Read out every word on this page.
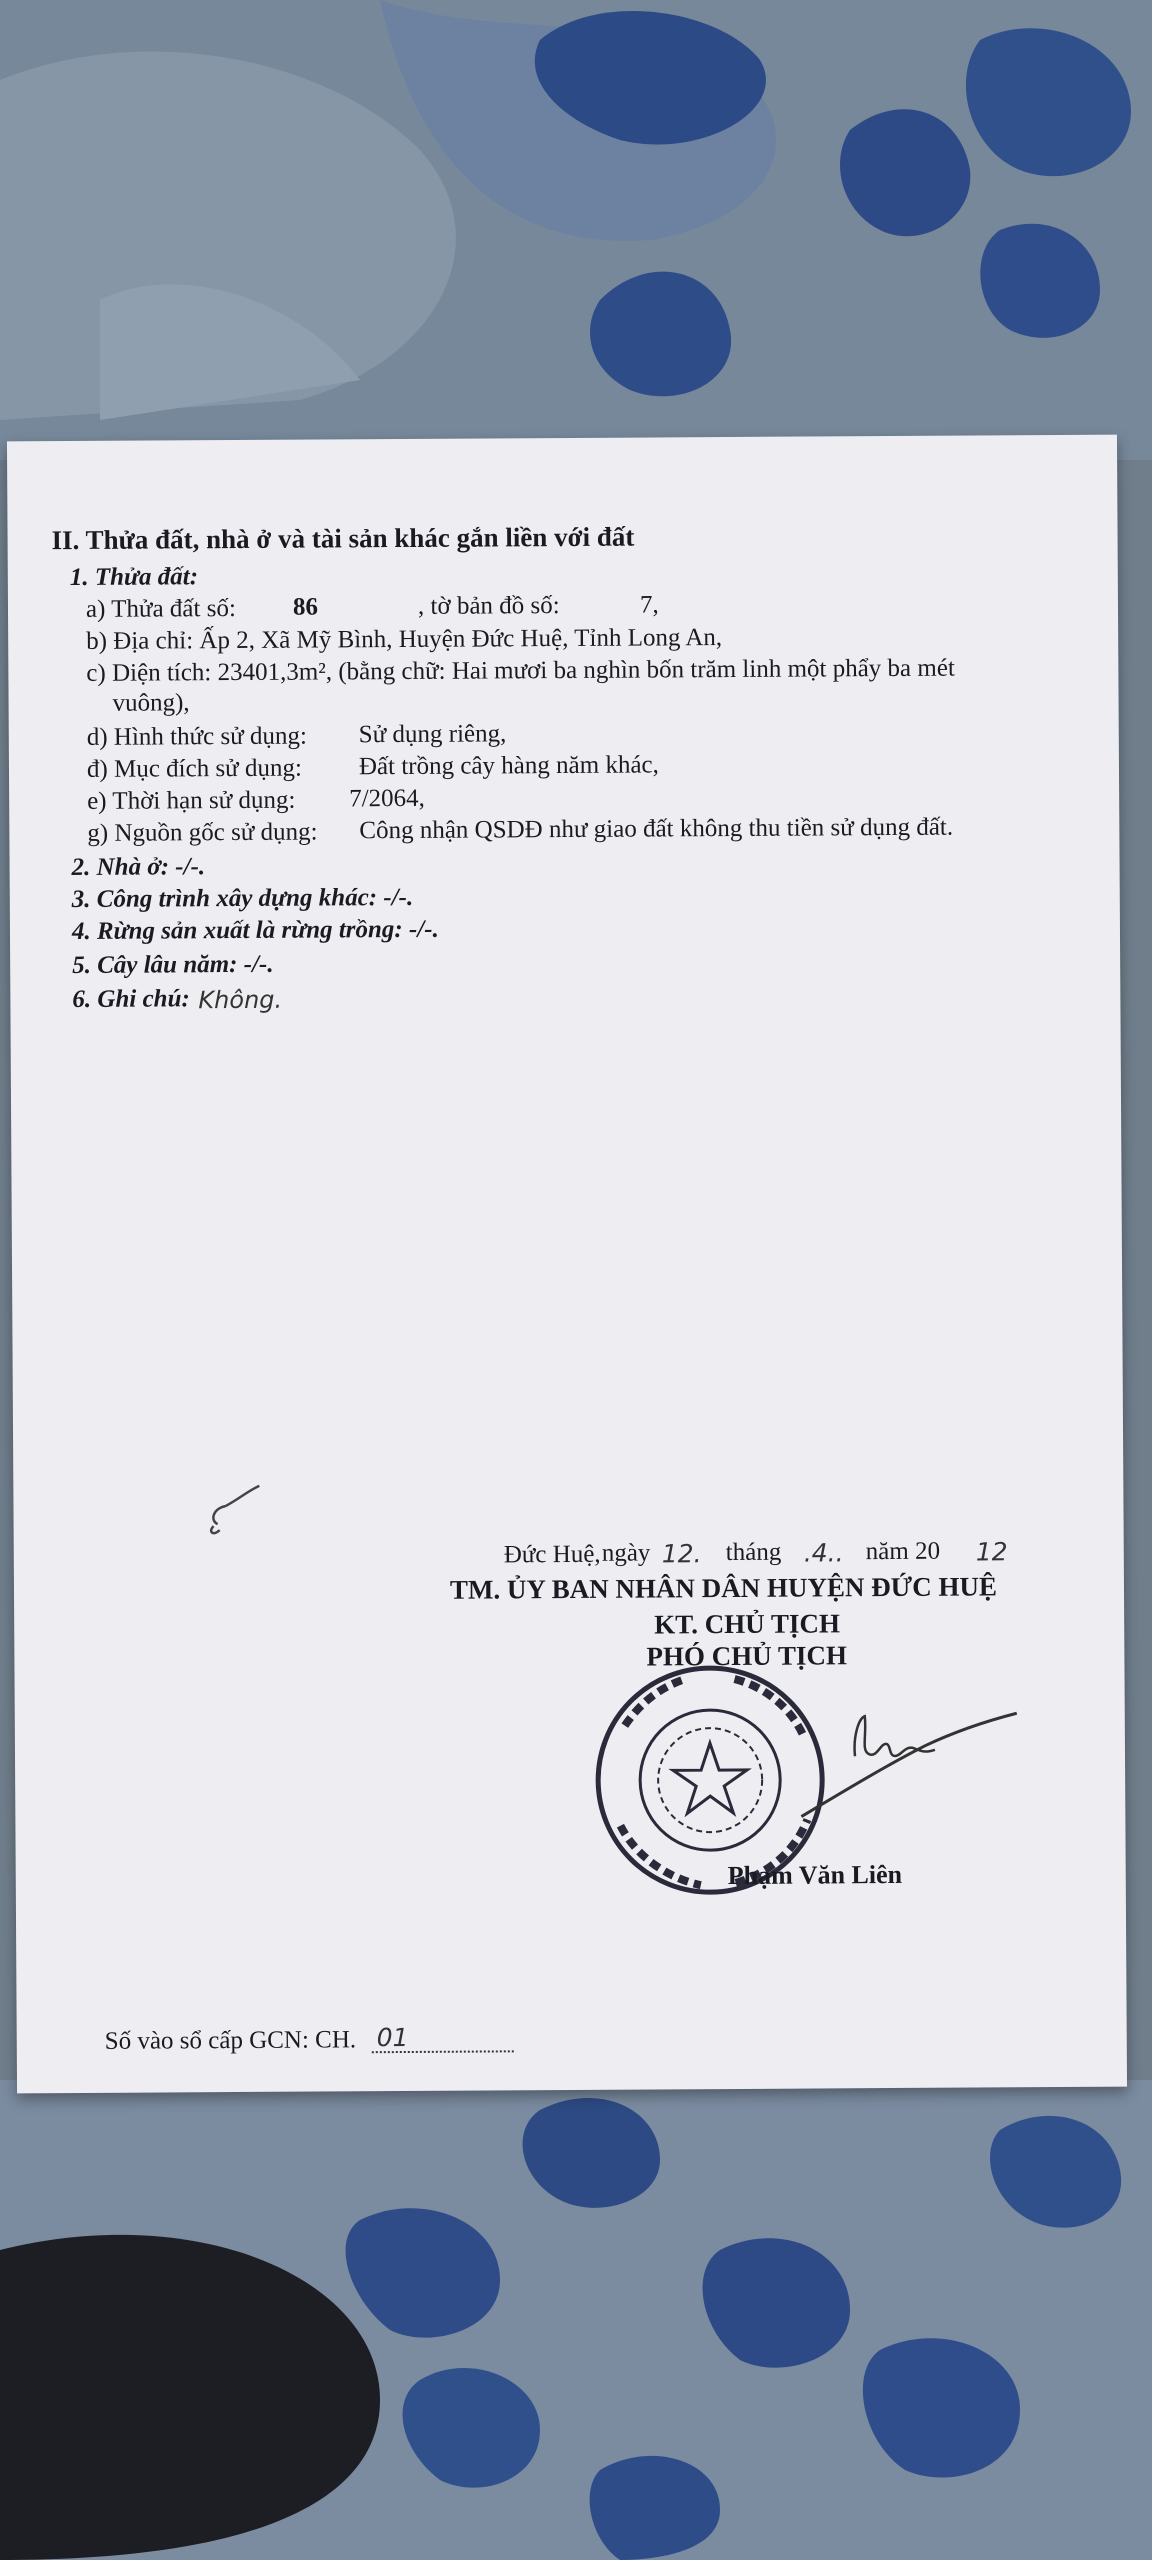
II. Thửa đất, nhà ở và tài sản khác gắn liền với đất
1. Thửa đất:
a) Thửa đất số: 86	, tờ bản đồ số:	7,
b) Địa chỉ: Ấp 2, Xã Mỹ Bình, Huyện Đức Huệ, Tỉnh Long An,
c) Diện tích: 23401,3m², (bằng chữ: Hai mươi ba nghìn bốn trăm linh một phẩy ba mét
vuông),
d) Hình thức sử dụng: Sử dụng riêng,
đ) Mục đích sử dụng: Đất trồng cây hàng năm khác,
e) Thời hạn sử dụng: 7/2064,
g) Nguồn gốc sử dụng: Công nhận QSDĐ như giao đất không thu tiền sử dụng đất.
2. Nhà ở: -/-.
3. Công trình xây dựng khác: -/-.
4. Rừng sản xuất là rừng trồng: -/-.
5. Cây lâu năm: -/-.
6. Ghi chú: Không.
Đức Huệ, ngày 12. tháng .4.. năm 20 12
TM. ỦY BAN NHÂN DÂN HUYỆN ĐỨC HUỆ
KT. CHỦ TỊCH
PHÓ CHỦ TỊCH
Phạm Văn Liên
Số vào sổ cấp GCN: CH. 01
